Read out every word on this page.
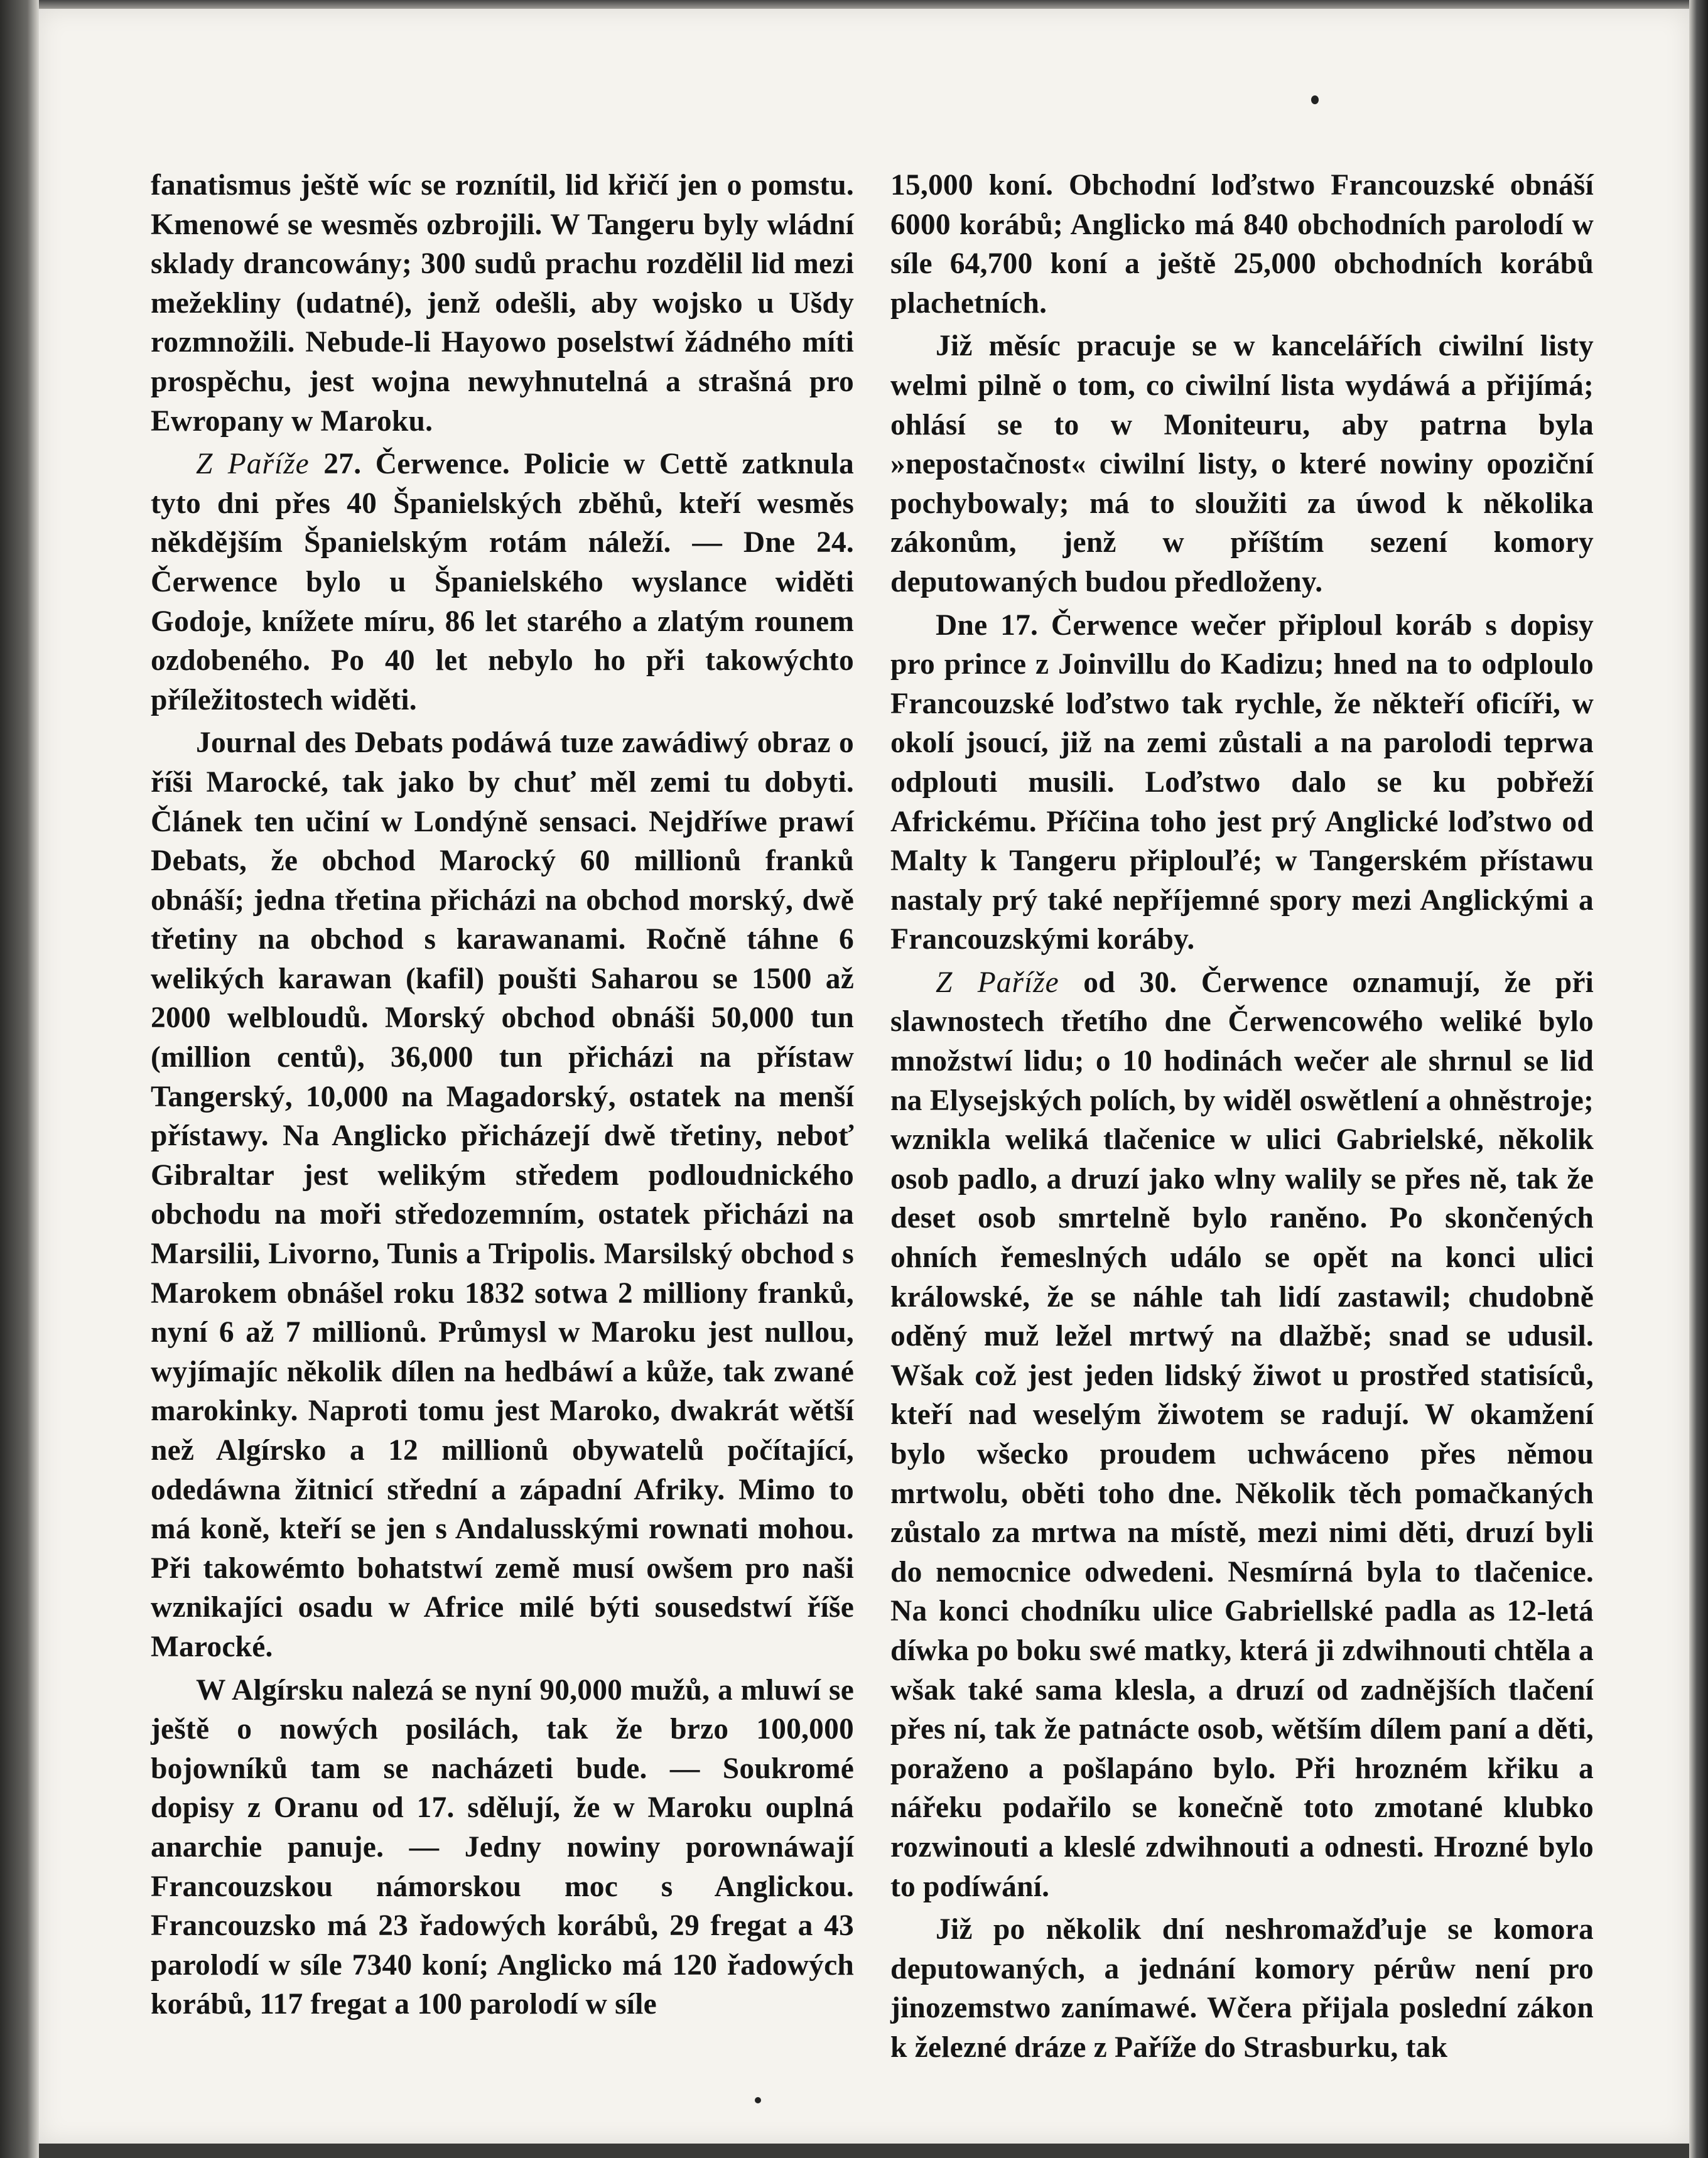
fanatismus ještě wíc se roznítil, lid křičí jen o pomstu. Kmenowé se wesměs ozbrojili. W Tangeru byly wládní sklady drancowány; 300 sudů prachu rozdělil lid mezi mežekliny (udatné), jenž odešli, aby wojsko u Ušdy rozmnožili. Nebude-li Hayowo poselstwí žádného míti prospěchu, jest wojna newyhnutelná a strašná pro Ewropany w Maroku.

Z Paříže 27. Čerwence. Policie w Cettě zatknula tyto dni přes 40 Španielských zběhů, kteří wesměs někdějším Španielským rotám náleží. — Dne 24. Čerwence bylo u Španielského wyslance widěti Godoje, knížete míru, 86 let starého a zlatým rounem ozdobeného. Po 40 let nebylo ho při takowýchto příležitostech widěti.

Journal des Debats podáwá tuze zawádiwý obraz o říši Marocké, tak jako by chuť měl zemi tu dobyti. Článek ten učiní w Londýně sensaci. Nejdříwe prawí Debats, že obchod Marocký 60 millionů franků obnáší; jedna třetina přicházi na obchod morský, dwě třetiny na obchod s karawanami. Ročně táhne 6 welikých karawan (kafil) poušti Saharou se 1500 až 2000 welbloudů. Morský obchod obnáši 50,000 tun (million centů), 36,000 tun přicházi na přístaw Tangerský, 10,000 na Magadorský, ostatek na menší přístawy. Na Anglicko přicházejí dwě třetiny, neboť Gibraltar jest welikým středem podloudnického obchodu na moři středozemním, ostatek přicházi na Marsilii, Livorno, Tunis a Tripolis. Marsilský obchod s Marokem obnášel roku 1832 sotwa 2 milliony franků, nyní 6 až 7 millionů. Průmysl w Maroku jest nullou, wyjímajíc několik dílen na hedbáwí a kůže, tak zwané marokinky. Naproti tomu jest Maroko, dwakrát wětší než Algírsko a 12 millionů obywatelů počítající, odedáwna žitnicí střední a západní Afriky. Mimo to má koně, kteří se jen s Andalusskými rownati mohou. Při takowémto bohatstwí země musí owšem pro naši wznikajíci osadu w Africe milé býti sousedstwí říše Marocké.

W Algírsku nalezá se nyní 90,000 mužů, a mluwí se ještě o nowých posilách, tak že brzo 100,000 bojowníků tam se nacházeti bude. — Soukromé dopisy z Oranu od 17. sdělují, že w Maroku ouplná anarchie panuje. — Jedny nowiny porownáwají Francouzskou námorskou moc s Anglickou. Francouzsko má 23 řadowých korábů, 29 fregat a 43 parolodí w síle 7340 koní; Anglicko má 120 řadowých korábů, 117 fregat a 100 parolodí w síle

15,000 koní. Obchodní loďstwo Francouzské obnáší 6000 korábů; Anglicko má 840 obchodních parolodí w síle 64,700 koní a ještě 25,000 obchodních korábů plachetních.

Již měsíc pracuje se w kancelářích ciwilní listy welmi pilně o tom, co ciwilní lista wydáwá a přijímá; ohlásí se to w Moniteuru, aby patrna byla »nepostačnost« ciwilní listy, o které nowiny opoziční pochybowaly; má to sloužiti za úwod k několika zákonům, jenž w příštím sezení komory deputowaných budou předloženy.

Dne 17. Čerwence wečer připloul koráb s dopisy pro prince z Joinvillu do Kadizu; hned na to odploulo Francouzské loďstwo tak rychle, že někteří oficíři, w okolí jsoucí, již na zemi zůstali a na parolodi teprwa odplouti musili. Loďstwo dalo se ku pobřeží Africkému. Příčina toho jest prý Anglické loďstwo od Malty k Tangeru připlouľé; w Tangerském přístawu nastaly prý také nepříjemné spory mezi Anglickými a Francouzskými koráby.

Z Paříže od 30. Čerwence oznamují, že při slawnostech třetího dne Čerwencowého weliké bylo množstwí lidu; o 10 hodinách wečer ale shrnul se lid na Elysejských polích, by widěl oswětlení a ohněstroje; wznikla weliká tlačenice w ulici Gabrielské, několik osob padlo, a druzí jako wlny walily se přes ně, tak že deset osob smrtelně bylo raněno. Po skončených ohních řemeslných událo se opět na konci ulici králowské, že se náhle tah lidí zastawil; chudobně oděný muž ležel mrtwý na dlažbě; snad se udusil. Wšak což jest jeden lidský žiwot u prostřed statisíců, kteří nad weselým žiwotem se radují. W okamžení bylo wšecko proudem uchwáceno přes němou mrtwolu, oběti toho dne. Několik těch pomačkaných zůstalo za mrtwa na místě, mezi nimi děti, druzí byli do nemocnice odwedeni. Nesmírná byla to tlačenice. Na konci chodníku ulice Gabriellské padla as 12-letá díwka po boku swé matky, která ji zdwihnouti chtěla a wšak také sama klesla, a druzí od zadnějších tlačení přes ní, tak že patnácte osob, wětším dílem paní a děti, poraženo a pošlapáno bylo. Při hrozném křiku a nářeku podařilo se konečně toto zmotané klubko rozwinouti a kleslé zdwihnouti a odnesti. Hrozné bylo to podíwání.

Již po několik dní neshromažďuje se komora deputowaných, a jednání komory pérůw není pro jinozemstwo zanímawé. Wčera přijala poslední zákon k železné dráze z Paříže do Strasburku, tak
